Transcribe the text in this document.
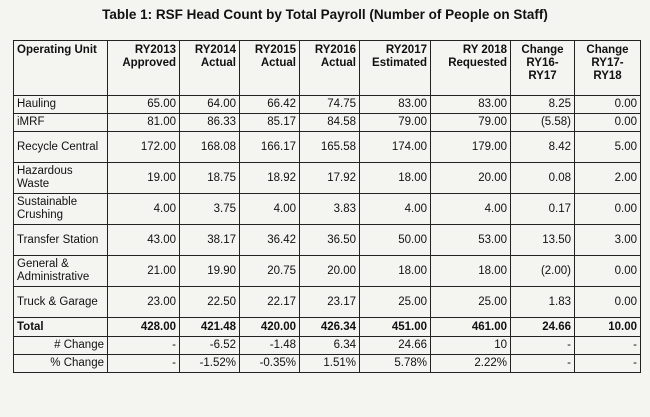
Table 1: RSF Head Count by Total Payroll (Number of People on Staff)
Operating Unit	RY2013 Approved	RY2014 Actual	RY2015 Actual	RY2016 Actual	RY2017 Estimated	RY 2018 Requested	Change RY16-RY17	Change RY17-RY18
Hauling	65.00	64.00	66.42	74.75	83.00	83.00	8.25	0.00
iMRF	81.00	86.33	85.17	84.58	79.00	79.00	(5.58)	0.00
Recycle Central	172.00	168.08	166.17	165.58	174.00	179.00	8.42	5.00
Hazardous Waste	19.00	18.75	18.92	17.92	18.00	20.00	0.08	2.00
Sustainable Crushing	4.00	3.75	4.00	3.83	4.00	4.00	0.17	0.00
Transfer Station	43.00	38.17	36.42	36.50	50.00	53.00	13.50	3.00
General & Administrative	21.00	19.90	20.75	20.00	18.00	18.00	(2.00)	0.00
Truck & Garage	23.00	22.50	22.17	23.17	25.00	25.00	1.83	0.00
Total	428.00	421.48	420.00	426.34	451.00	461.00	24.66	10.00
# Change	-	-6.52	-1.48	6.34	24.66	10	-	-
% Change	-	-1.52%	-0.35%	1.51%	5.78%	2.22%	-	-
